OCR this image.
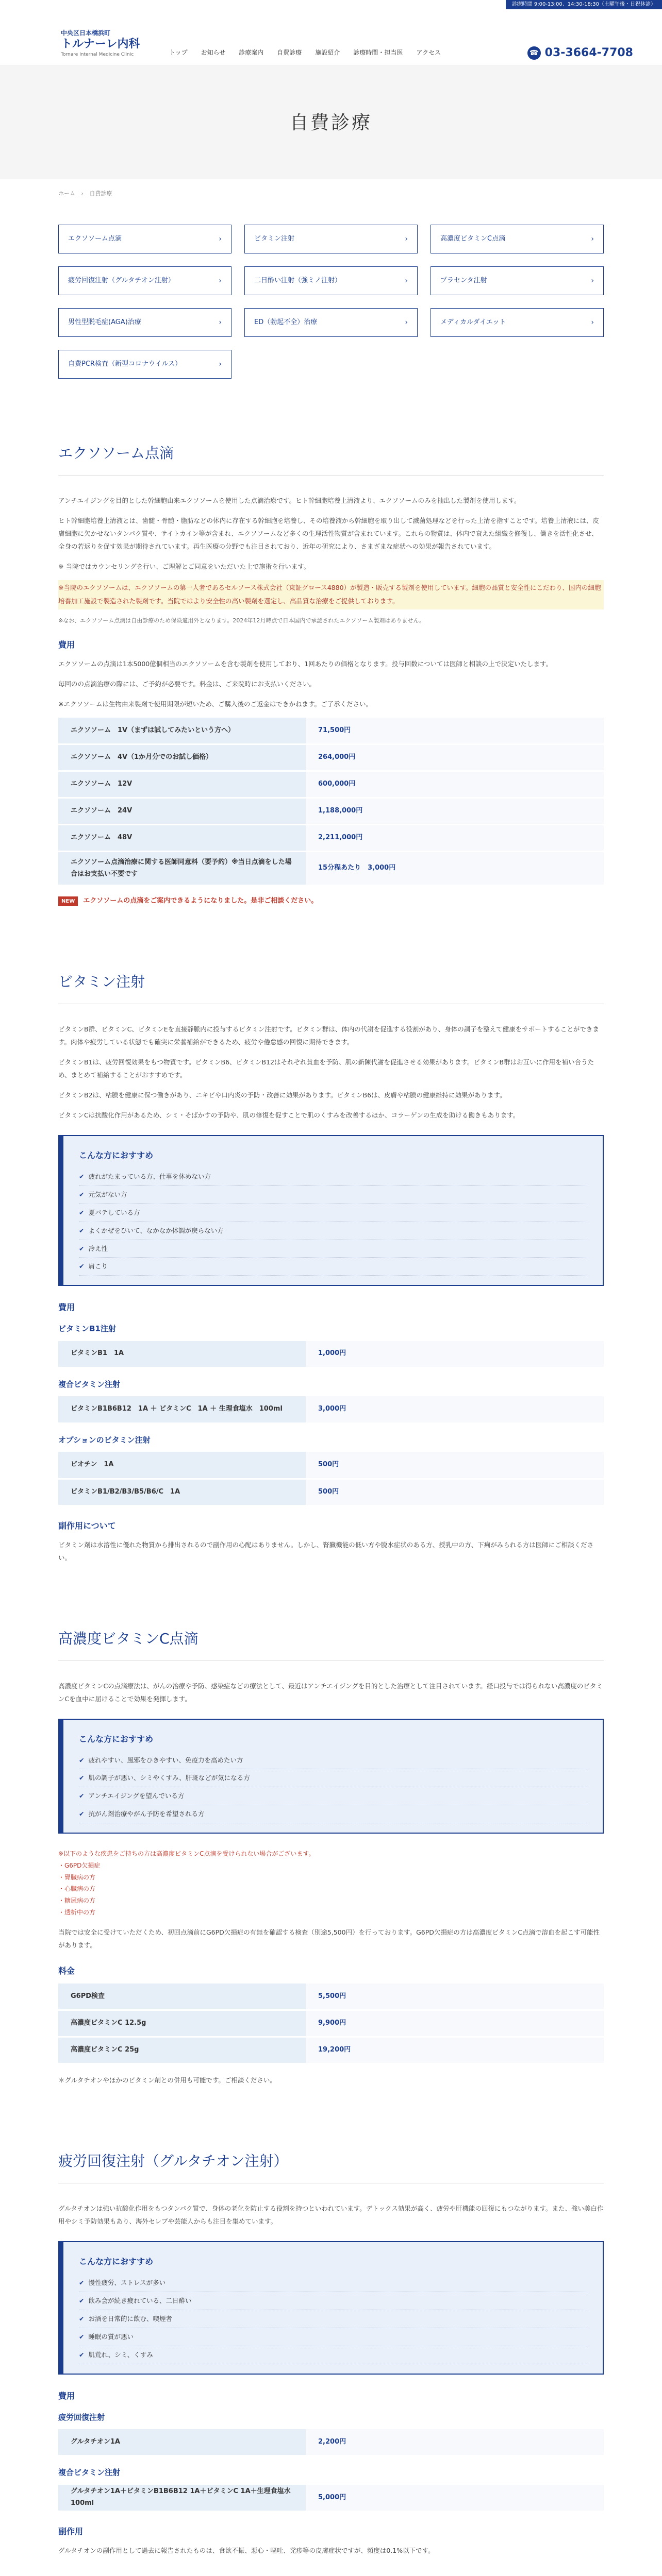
診療時間 9:00-13:00、14:30-18:30（土曜午後・日祝休診）
中央区日本橋浜町
トルナーレ内科
Tornare Internal Medicine Clinic	トップ お知らせ 診療案内 自費診療 施設紹介 診療時間・担当医 アクセス	☎ 03-3664-7708
自費診療
ホーム › 自費診療
エクソソーム点滴	›	ビタミン注射	›	高濃度ビタミンC点滴	›
疲労回復注射（グルタチオン注射）	›	二日酔い注射（強ミノ注射）	›	プラセンタ注射	›
男性型脱毛症(AGA)治療	›	ED（勃起不全）治療	›	メディカルダイエット	›
自費PCR検査（新型コロナウイルス）	›
エクソソーム点滴

アンチエイジングを目的とした幹細胞由来エクソソームを使用した点滴治療です。ヒト幹細胞培養上清液より、エクソソームのみを抽出した製剤を使用します。

ヒト幹細胞培養上清液とは、歯髄・骨髄・脂肪などの体内に存在する幹細胞を培養し、その培養液から幹細胞を取り出して滅菌処理などを行った上清を指すことです。培養上清液には、皮膚細胞に欠かせないタンパク質や、サイトカイン等が含まれ、エクソソームなど多くの生理活性物質が含まれています。これらの物質は、体内で衰えた組織を修復し、働きを活性化させ、全身の若返りを促す効果が期待されています。再生医療の分野でも注目されており、近年の研究により、さまざまな症状への効果が報告されています。

※ 当院ではカウンセリングを行い、ご理解とご同意をいただいた上で施術を行います。

※当院のエクソソームは、エクソソームの第一人者であるセルソース株式会社（東証グロース4880）が製造・販売する製剤を使用しています。細胞の品質と安全性にこだわり、国内の細胞培養加工施設で製造された製剤です。当院ではより安全性の高い製剤を選定し、高品質な治療をご提供しております。

※なお、エクソソーム点滴は自由診療のため保険適用外となります。2024年12月時点で日本国内で承認されたエクソソーム製剤はありません。

費用

エクソソームの点滴は1本5000億個相当のエクソソームを含む製剤を使用しており、1回あたりの価格となります。投与回数については医師と相談の上で決定いたします。

毎回のの点滴治療の際には、ご予約が必要です。料金は、ご来院時にお支払いください。

※エクソソームは生物由来製剤で使用期限が短いため、ご購入後のご返金はできかねます。ご了承ください。

エクソソーム　1V（まずは試してみたいという方へ）	71,500円
エクソソーム　4V（1か月分でのお試し価格）	264,000円
エクソソーム　12V	600,000円
エクソソーム　24V	1,188,000円
エクソソーム　48V	2,211,000円
エクソソーム点滴治療に関する医師同意料（要予約）※当日点滴をした場合はお支払い不要です	15分程あたり　3,000円
NEW	エクソソームの点滴をご案内できるようになりました。是非ご相談ください。
ビタミン注射

ビタミンB群、ビタミンC、ビタミンEを直接静脈内に投与するビタミン注射です。ビタミン群は、体内の代謝を促進する役割があり、身体の調子を整えて健康をサポートすることができます。肉体や疲労している状態でも確実に栄養補給ができるため、疲労や倦怠感の回復に期待できます。

ビタミンB1は、疲労回復効果をもつ物質です。ビタミンB6、ビタミンB12はそれぞれ貧血を予防、肌の新陳代謝を促進させる効果があります。ビタミンB群はお互いに作用を補い合うため、まとめて補給することがおすすめです。

ビタミンB2は、粘膜を健康に保つ働きがあり、ニキビや口内炎の予防・改善に効果があります。ビタミンB6は、皮膚や粘膜の健康維持に効果があります。

ビタミンCは抗酸化作用があるため、シミ・そばかすの予防や、肌の修復を促すことで肌のくすみを改善するほか、コラーゲンの生成を助ける働きもあります。

こんな方におすすめ
✔ 疲れがたまっている方、仕事を休めない方
✔ 元気がない方
✔ 夏バテしている方
✔ よくかぜをひいて、なかなか体調が戻らない方
✔ 冷え性
✔ 肩こり
費用
ビタミンB1注射
ビタミンB1　1A	1,000円
複合ビタミン注射
ビタミンB1B6B12　1A ＋ ビタミンC　1A ＋ 生理食塩水　100ml	3,000円
オプションのビタミン注射
ビオチン　1A	500円
ビタミンB1/B2/B3/B5/B6/C　1A	500円
副作用について

ビタミン剤は水溶性に優れた物質から排出されるので副作用の心配はありません。しかし、腎臓機能の低い方や脱水症状のある方、授乳中の方、下痢がみられる方は医師にご相談ください。

高濃度ビタミンC点滴

高濃度ビタミンCの点滴療法は、がんの治療や予防、感染症などの療法として、最近はアンチエイジングを目的とした治療として注目されています。経口投与では得られない高濃度のビタミンCを血中に届けることで効果を発揮します。

こんな方におすすめ
✔ 疲れやすい、風邪をひきやすい、免疫力を高めたい方
✔ 肌の調子が悪い、シミやくすみ、肝斑などが気になる方
✔ アンチエイジングを望んでいる方
✔ 抗がん剤治療やがん予防を希望される方
※以下のような疾患をご持ちの方は高濃度ビタミンC点滴を受けられない場合がございます。
・G6PD欠損症
・腎臓病の方
・心臓病の方
・糖尿病の方
・透析中の方

当院では安全に受けていただくため、初回点滴前にG6PD欠損症の有無を確認する検査（別途5,500円）を行っております。G6PD欠損症の方は高濃度ビタミンC点滴で溶血を起こす可能性があります。

料金
G6PD検査	5,500円
高濃度ビタミンC 12.5g	9,900円
高濃度ビタミンC 25g	19,200円

＊グルタチオンやほかのビタミン剤との併用も可能です。ご相談ください。

疲労回復注射（グルタチオン注射）

グルタチオンは強い抗酸化作用をもつタンパク質で、身体の老化を防止する役割を持つといわれています。デトックス効果が高く、疲労や肝機能の回復にもつながります。また、強い美白作用やシミ予防効果もあり、海外セレブや芸能人からも注目を集めています。

こんな方におすすめ
✔ 慢性疲労、ストレスが多い
✔ 飲み会が続き疲れている、二日酔い
✔ お酒を日常的に飲む、喫煙者
✔ 睡眠の質が悪い
✔ 肌荒れ、シミ、くすみ
費用
疲労回復注射
グルタチオン1A	2,200円
複合ビタミン注射
グルタチオン1A＋ビタミンB1B6B12 1A＋ビタミンC 1A＋生理食塩水100ml	5,000円
副作用

グルタチオンの副作用として過去に報告されたものは、食欲不振、悪心・嘔吐、発疹等の皮膚症状ですが、頻度は0.1%以下です。
